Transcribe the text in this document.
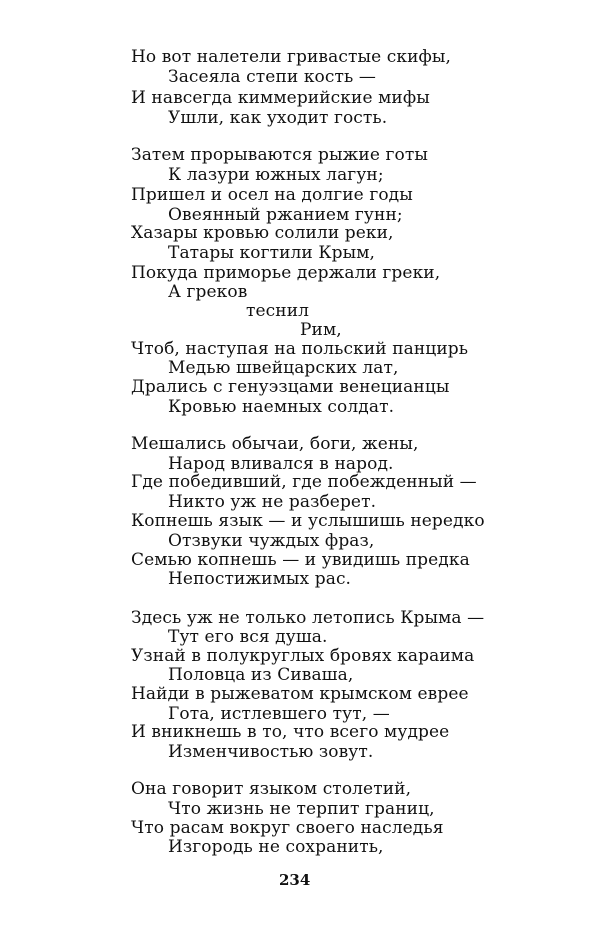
Но вот налетели гривастые скифы,
Засеяла степи кость —
И навсегда киммерийские мифы
Ушли, как уходит гость.
Затем прорываются рыжие готы
К лазури южных лагун;
Пришел и осел на долгие годы
Овеянный ржанием гунн;
Хазары кровью солили реки,
Татары когтили Крым,
Покуда приморье держали греки,
А греков
теснил
Рим,
Чтоб, наступая на польский панцирь
Медью швейцарских лат,
Дрались с генуэзцами венецианцы
Кровью наемных солдат.
Мешались обычаи, боги, жены,
Народ вливался в народ.
Где победивший, где побежденный —
Никто уж не разберет.
Копнешь язык — и услышишь нередко
Отзвуки чуждых фраз,
Семью копнешь — и увидишь предка
Непостижимых рас.
Здесь уж не только летопись Крыма —
Тут его вся душа.
Узнай в полукруглых бровях караима
Половца из Сиваша,
Найди в рыжеватом крымском еврее
Гота, истлевшего тут, —
И вникнешь в то, что всего мудрее
Изменчивостью зовут.
Она говорит языком столетий,
Что жизнь не терпит границ,
Что расам вокруг своего наследья
Изгородь не сохранить,
234
